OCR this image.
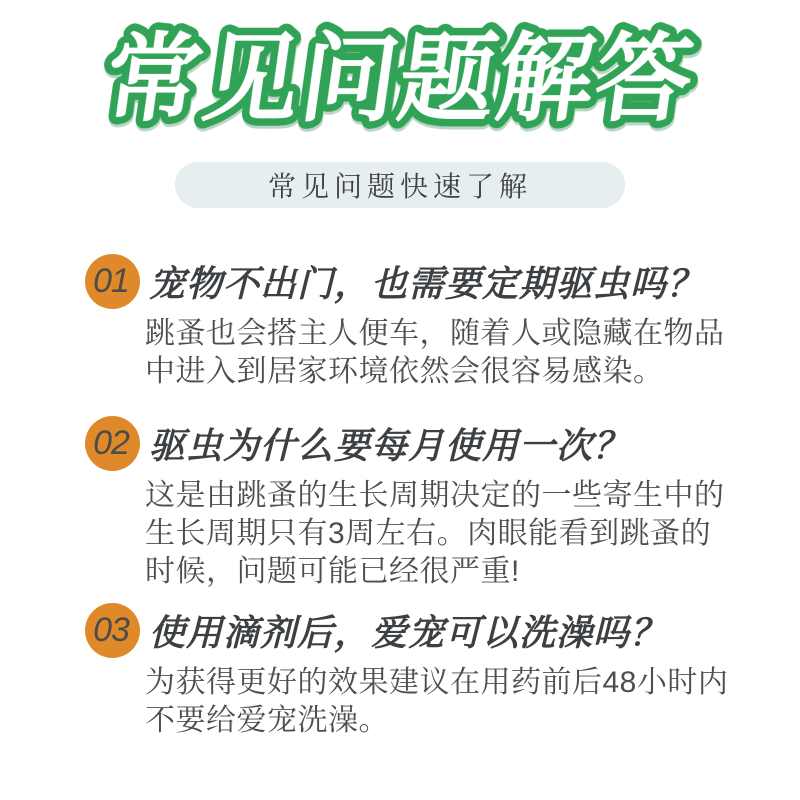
常见问题解答
常见问题快速了解
01 宠物不出门，也需要定期驱虫吗？
跳蚤也会搭主人便车，随着人或隐藏在物品
中进入到居家环境依然会很容易感染。
02 驱虫为什么要每月使用一次？
这是由跳蚤的生长周期决定的一些寄生中的
生长周期只有3周左右。肉眼能看到跳蚤的
时候，问题可能已经很严重!
03 使用滴剂后，爱宠可以洗澡吗？
为获得更好的效果建议在用药前后48小时内
不要给爱宠洗澡。
